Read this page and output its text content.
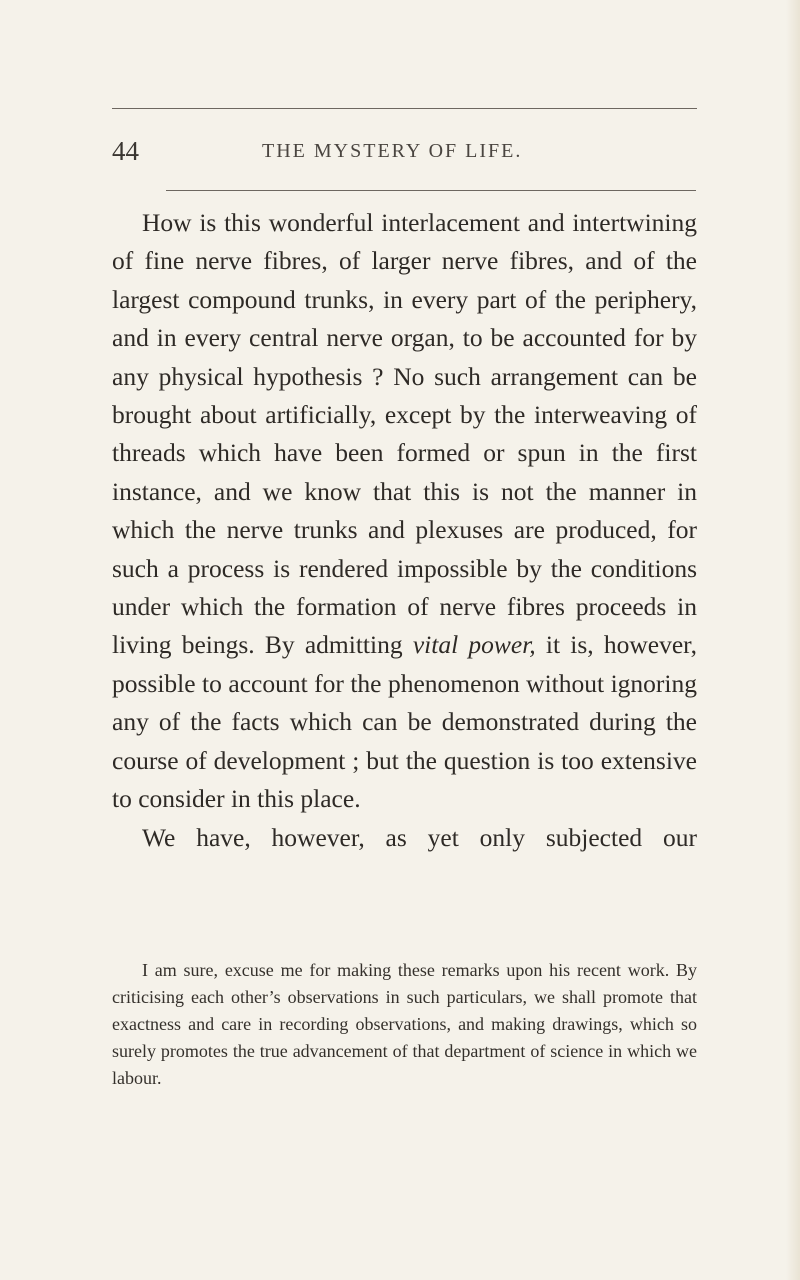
44	THE MYSTERY OF LIFE.

How is this wonderful interlacement and intertwining of fine nerve fibres, of larger nerve fibres, and of the largest compound trunks, in every part of the periphery, and in every central nerve organ, to be accounted for by any physical hypothesis ? No such arrangement can be brought about artificially, except by the interweaving of threads which have been formed or spun in the first instance, and we know that this is not the manner in which the nerve trunks and plexuses are produced, for such a process is rendered impossible by the conditions under which the formation of nerve fibres proceeds in living beings. By admitting vital power, it is, however, possible to account for the phenomenon without ignoring any of the facts which can be demonstrated during the course of development ; but the question is too extensive to consider in this place.

We have, however, as yet only subjected our

I am sure, excuse me for making these remarks upon his recent work. By criticising each other’s observations in such particulars, we shall promote that exactness and care in recording observations, and making drawings, which so surely promotes the true advancement of that department of science in which we labour.
